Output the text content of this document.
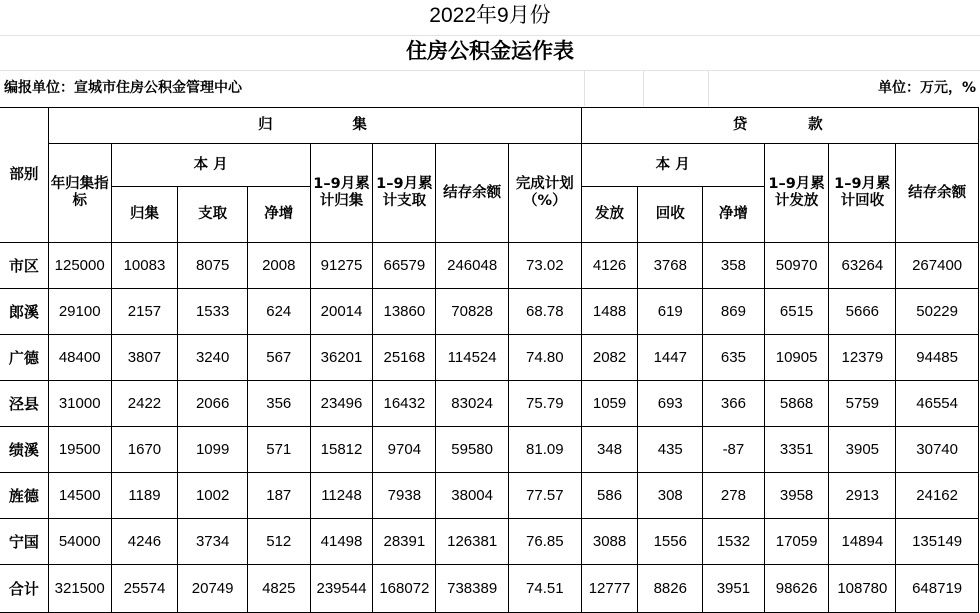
2022年9月份
住房公积金运作表
编报单位：宣城市住房公积金管理中心	单位：万元，%
部别	归　　　　集								贷　　　款					
	年归集指标	本 月			1–9月累计归集	1–9月累计支取	结存余额	完成计划（%）	本 月			1–9月累计发放	1–9月累计回收	结存余额
		归集	支取	净增					发放	回收	净增			
市区	125000	10083	8075	2008	91275	66579	246048	73.02	4126	3768	358	50970	63264	267400
郎溪	29100	2157	1533	624	20014	13860	70828	68.78	1488	619	869	6515	5666	50229
广德	48400	3807	3240	567	36201	25168	114524	74.80	2082	1447	635	10905	12379	94485
泾县	31000	2422	2066	356	23496	16432	83024	75.79	1059	693	366	5868	5759	46554
绩溪	19500	1670	1099	571	15812	9704	59580	81.09	348	435	-87	3351	3905	30740
旌德	14500	1189	1002	187	11248	7938	38004	77.57	586	308	278	3958	2913	24162
宁国	54000	4246	3734	512	41498	28391	126381	76.85	3088	1556	1532	17059	14894	135149
合计	321500	25574	20749	4825	239544	168072	738389	74.51	12777	8826	3951	98626	108780	648719
